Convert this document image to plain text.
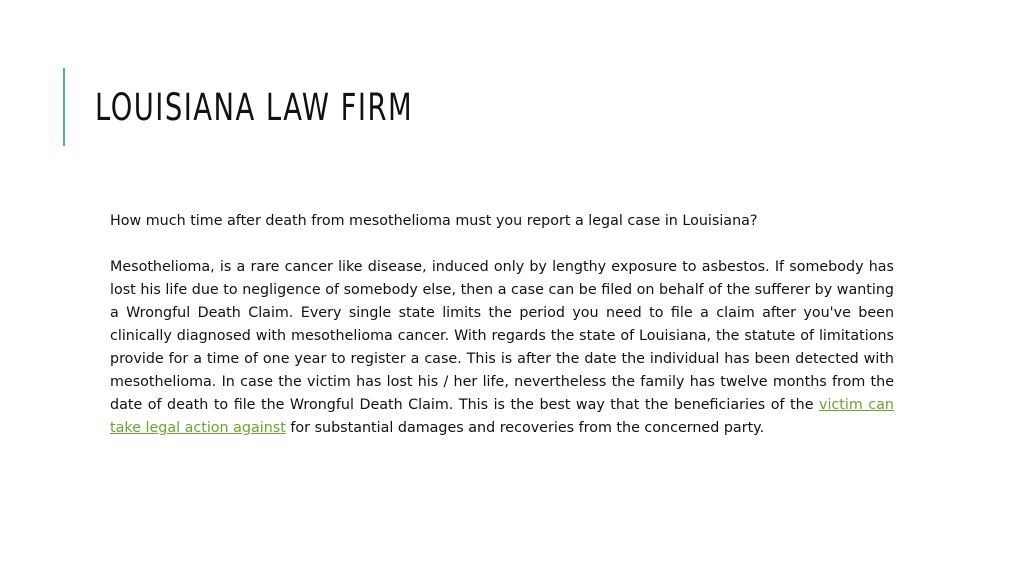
LOUISIANA LAW FIRM

How much time after death from mesothelioma must you report a legal case in Louisiana?

Mesothelioma, is a rare cancer like disease, induced only by lengthy exposure to asbestos. If somebody has lost his life due to negligence of somebody else, then a case can be filed on behalf of the sufferer by wanting a Wrongful Death Claim. Every single state limits the period you need to file a claim after you've been clinically diagnosed with mesothelioma cancer. With regards the state of Louisiana, the statute of limitations provide for a time of one year to register a case. This is after the date the individual has been detected with mesothelioma. In case the victim has lost his / her life, nevertheless the family has twelve months from the date of death to file the Wrongful Death Claim. This is the best way that the beneficiaries of the victim can take legal action against for substantial damages and recoveries from the concerned party.
